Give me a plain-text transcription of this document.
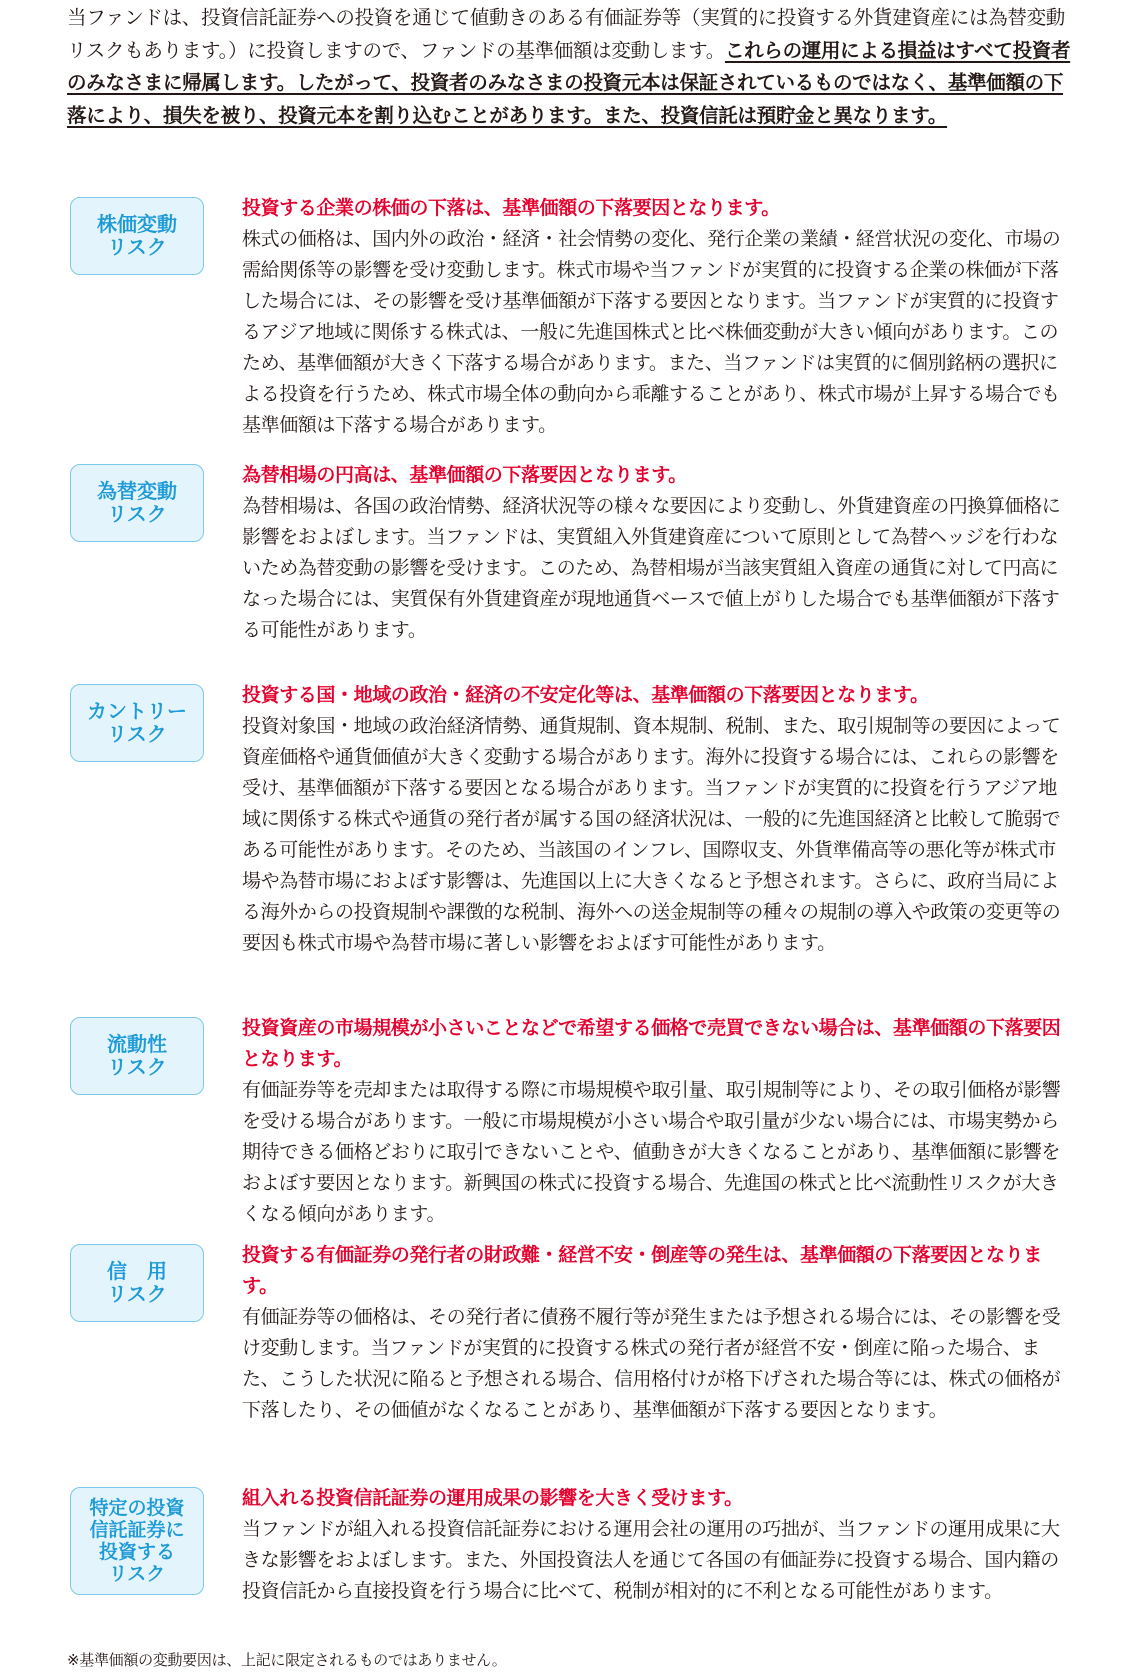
当ファンドは、投資信託証券への投資を通じて値動きのある有価証券等（実質的に投資する外貨建資産には為替変動リスクもあります。）に投資しますので、ファンドの基準価額は変動します。これらの運用による損益はすべて投資者のみなさまに帰属します。したがって、投資者のみなさまの投資元本は保証されているものではなく、基準価額の下落により、損失を被り、投資元本を割り込むことがあります。また、投資信託は預貯金と異なります。
株価変動
リスク
投資する企業の株価の下落は、基準価額の下落要因となります。
株式の価格は、国内外の政治・経済・社会情勢の変化、発行企業の業績・経営状況の変化、市場の需給関係等の影響を受け変動します。株式市場や当ファンドが実質的に投資する企業の株価が下落した場合には、その影響を受け基準価額が下落する要因となります。当ファンドが実質的に投資するアジア地域に関係する株式は、一般に先進国株式と比べ株価変動が大きい傾向があります。このため、基準価額が大きく下落する場合があります。また、当ファンドは実質的に個別銘柄の選択による投資を行うため、株式市場全体の動向から乖離することがあり、株式市場が上昇する場合でも基準価額は下落する場合があります。
為替変動
リスク
為替相場の円高は、基準価額の下落要因となります。
為替相場は、各国の政治情勢、経済状況等の様々な要因により変動し、外貨建資産の円換算価格に影響をおよぼします。当ファンドは、実質組入外貨建資産について原則として為替ヘッジを行わないため為替変動の影響を受けます。このため、為替相場が当該実質組入資産の通貨に対して円高になった場合には、実質保有外貨建資産が現地通貨ベースで値上がりした場合でも基準価額が下落する可能性があります。
カントリー
リスク
投資する国・地域の政治・経済の不安定化等は、基準価額の下落要因となります。
投資対象国・地域の政治経済情勢、通貨規制、資本規制、税制、また、取引規制等の要因によって資産価格や通貨価値が大きく変動する場合があります。海外に投資する場合には、これらの影響を受け、基準価額が下落する要因となる場合があります。当ファンドが実質的に投資を行うアジア地域に関係する株式や通貨の発行者が属する国の経済状況は、一般的に先進国経済と比較して脆弱である可能性があります。そのため、当該国のインフレ、国際収支、外貨準備高等の悪化等が株式市場や為替市場におよぼす影響は、先進国以上に大きくなると予想されます。さらに、政府当局による海外からの投資規制や課徴的な税制、海外への送金規制等の種々の規制の導入や政策の変更等の要因も株式市場や為替市場に著しい影響をおよぼす可能性があります。
流動性
リスク
投資資産の市場規模が小さいことなどで希望する価格で売買できない場合は、基準価額の下落要因となります。
有価証券等を売却または取得する際に市場規模や取引量、取引規制等により、その取引価格が影響を受ける場合があります。一般に市場規模が小さい場合や取引量が少ない場合には、市場実勢から期待できる価格どおりに取引できないことや、値動きが大きくなることがあり、基準価額に影響をおよぼす要因となります。新興国の株式に投資する場合、先進国の株式と比べ流動性リスクが大きくなる傾向があります。
信　用
リスク
投資する有価証券の発行者の財政難・経営不安・倒産等の発生は、基準価額の下落要因となります。
有価証券等の価格は、その発行者に債務不履行等が発生または予想される場合には、その影響を受け変動します。当ファンドが実質的に投資する株式の発行者が経営不安・倒産に陥った場合、また、こうした状況に陥ると予想される場合、信用格付けが格下げされた場合等には、株式の価格が下落したり、その価値がなくなることがあり、基準価額が下落する要因となります。
特定の投資
信託証券に
投資する
リスク
組入れる投資信託証券の運用成果の影響を大きく受けます。
当ファンドが組入れる投資信託証券における運用会社の運用の巧拙が、当ファンドの運用成果に大きな影響をおよぼします。また、外国投資法人を通じて各国の有価証券に投資する場合、国内籍の投資信託から直接投資を行う場合に比べて、税制が相対的に不利となる可能性があります。
※基準価額の変動要因は、上記に限定されるものではありません。
